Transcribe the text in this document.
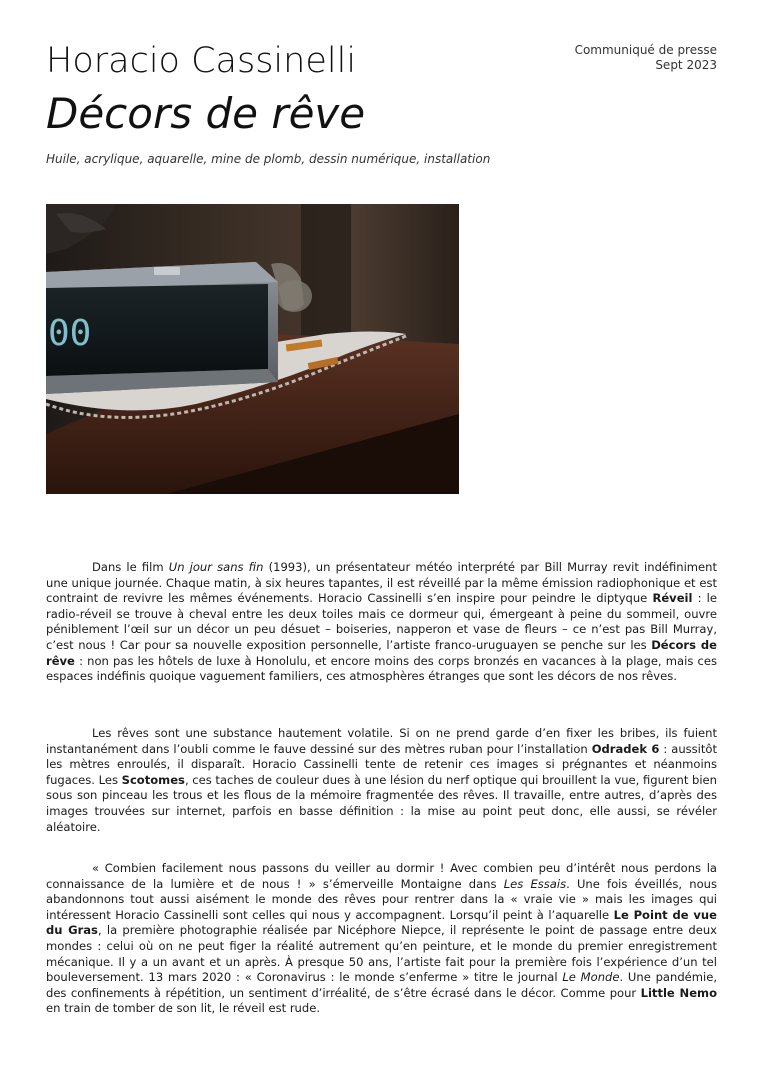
Horacio Cassinelli
Décors de rêve
Communiqué de presse
Sept 2023
Huile, acrylique, aquarelle, mine de plomb, dessin numérique, installation
00

Dans le film Un jour sans fin (1993), un présentateur météo interprété par Bill Murray revit indéfiniment une unique journée. Chaque matin, à six heures tapantes, il est réveillé par la même émission radiophonique et est contraint de revivre les mêmes événements. Horacio Cassinelli s’en inspire pour peindre le diptyque Réveil : le radio-réveil se trouve à cheval entre les deux toiles mais ce dormeur qui, émergeant à peine du sommeil, ouvre péniblement l’œil sur un décor un peu désuet – boiseries, napperon et vase de fleurs – ce n’est pas Bill Murray, c’est nous ! Car pour sa nouvelle exposition personnelle, l’artiste franco-uruguayen se penche sur les Décors de rêve : non pas les hôtels de luxe à Honolulu, et encore moins des corps bronzés en vacances à la plage, mais ces espaces indéfinis quoique vaguement familiers, ces atmosphères étranges que sont les décors de nos rêves.

Les rêves sont une substance hautement volatile. Si on ne prend garde d’en fixer les bribes, ils fuient instantanément dans l’oubli comme le fauve dessiné sur des mètres ruban pour l’installation Odradek 6 : aussitôt les mètres enroulés, il disparaît. Horacio Cassinelli tente de retenir ces images si prégnantes et néanmoins fugaces. Les Scotomes, ces taches de couleur dues à une lésion du nerf optique qui brouillent la vue, figurent bien sous son pinceau les trous et les flous de la mémoire fragmentée des rêves. Il travaille, entre autres, d’après des images trouvées sur internet, parfois en basse définition : la mise au point peut donc, elle aussi, se révéler aléatoire.

« Combien facilement nous passons du veiller au dormir ! Avec combien peu d’intérêt nous perdons la connaissance de la lumière et de nous ! » s’émerveille Montaigne dans Les Essais. Une fois éveillés, nous abandonnons tout aussi aisément le monde des rêves pour rentrer dans la « vraie vie » mais les images qui intéressent Horacio Cassinelli sont celles qui nous y accompagnent. Lorsqu’il peint à l’aquarelle Le Point de vue du Gras, la première photographie réalisée par Nicéphore Niepce, il représente le point de passage entre deux mondes : celui où on ne peut figer la réalité autrement qu’en peinture, et le monde du premier enregistrement mécanique. Il y a un avant et un après. À presque 50 ans, l’artiste fait pour la première fois l’expérience d’un tel bouleversement. 13 mars 2020 : « Coronavirus : le monde s’enferme » titre le journal Le Monde. Une pandémie, des confinements à répétition, un sentiment d’irréalité, de s’être écrasé dans le décor. Comme pour Little Nemo en train de tomber de son lit, le réveil est rude.
